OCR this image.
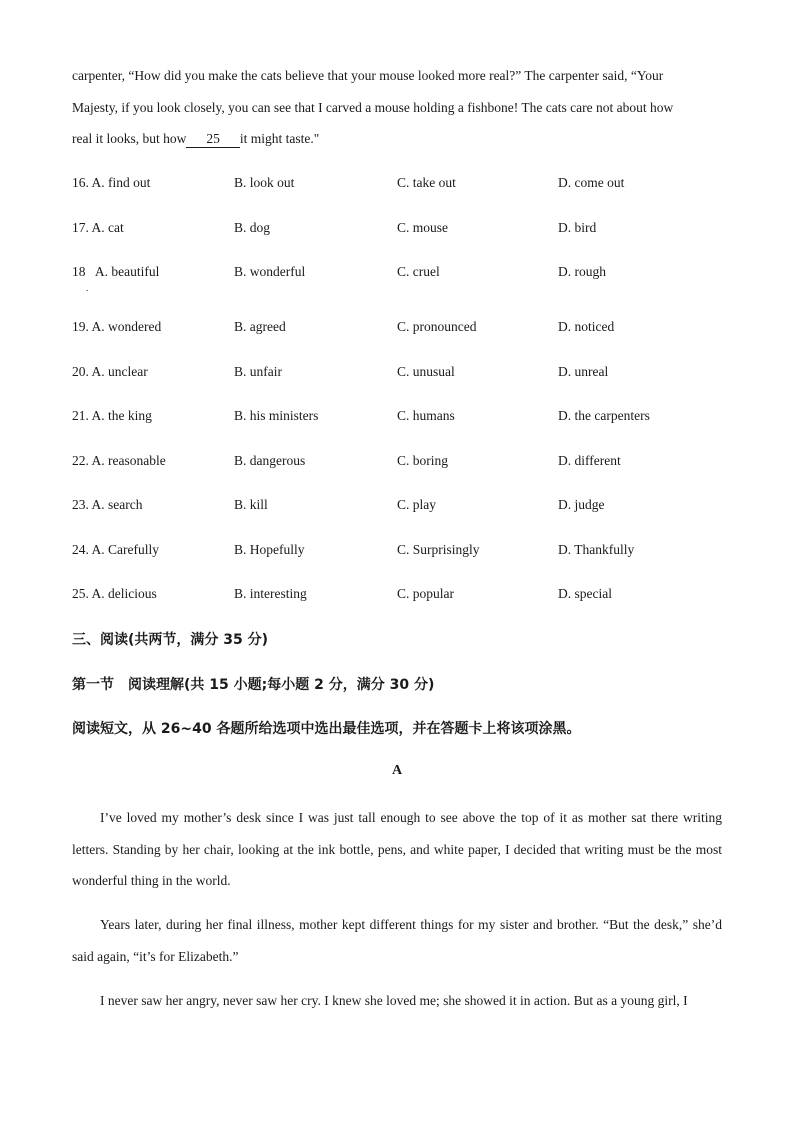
carpenter, “How did you make the cats believe that your mouse looked more real?” The carpenter said, “Your
Majesty, if you look closely, you can see that I carved a mouse holding a fishbone! The cats care not about how
real it looks, but how 25 it might taste."

16. A. find out	B. look out	C. take out	D. come out
17. A. cat	B. dog	C. mouse	D. bird
18   A. beautiful	B. wonderful	C. cruel	D. rough
.
19. A. wondered	B. agreed	C. pronounced	D. noticed
20. A. unclear	B. unfair	C. unusual	D. unreal
21. A. the king	B. his ministers	C. humans	D. the carpenters
22. A. reasonable	B. dangerous	C. boring	D. different
23. A. search	B. kill	C. play	D. judge
24. A. Carefully	B. Hopefully	C. Surprisingly	D. Thankfully
25. A. delicious	B. interesting	C. popular	D. special
三、阅读(共两节，满分 35 分)
第一节 阅读理解(共 15 小题;每小题 2 分，满分 30 分)
阅读短文，从 26~40 各题所给选项中选出最佳选项，并在答题卡上将该项涂黑。
A

I’ve loved my mother’s desk since I was just tall enough to see above the top of it as mother sat there writing letters. Standing by her chair, looking at the ink bottle, pens, and white paper, I decided that writing must be the most wonderful thing in the world.

Years later, during her final illness, mother kept different things for my sister and brother. “But the desk,” she’d said again, “it’s for Elizabeth.”

I never saw her angry, never saw her cry. I knew she loved me; she showed it in action. But as a young girl, I
